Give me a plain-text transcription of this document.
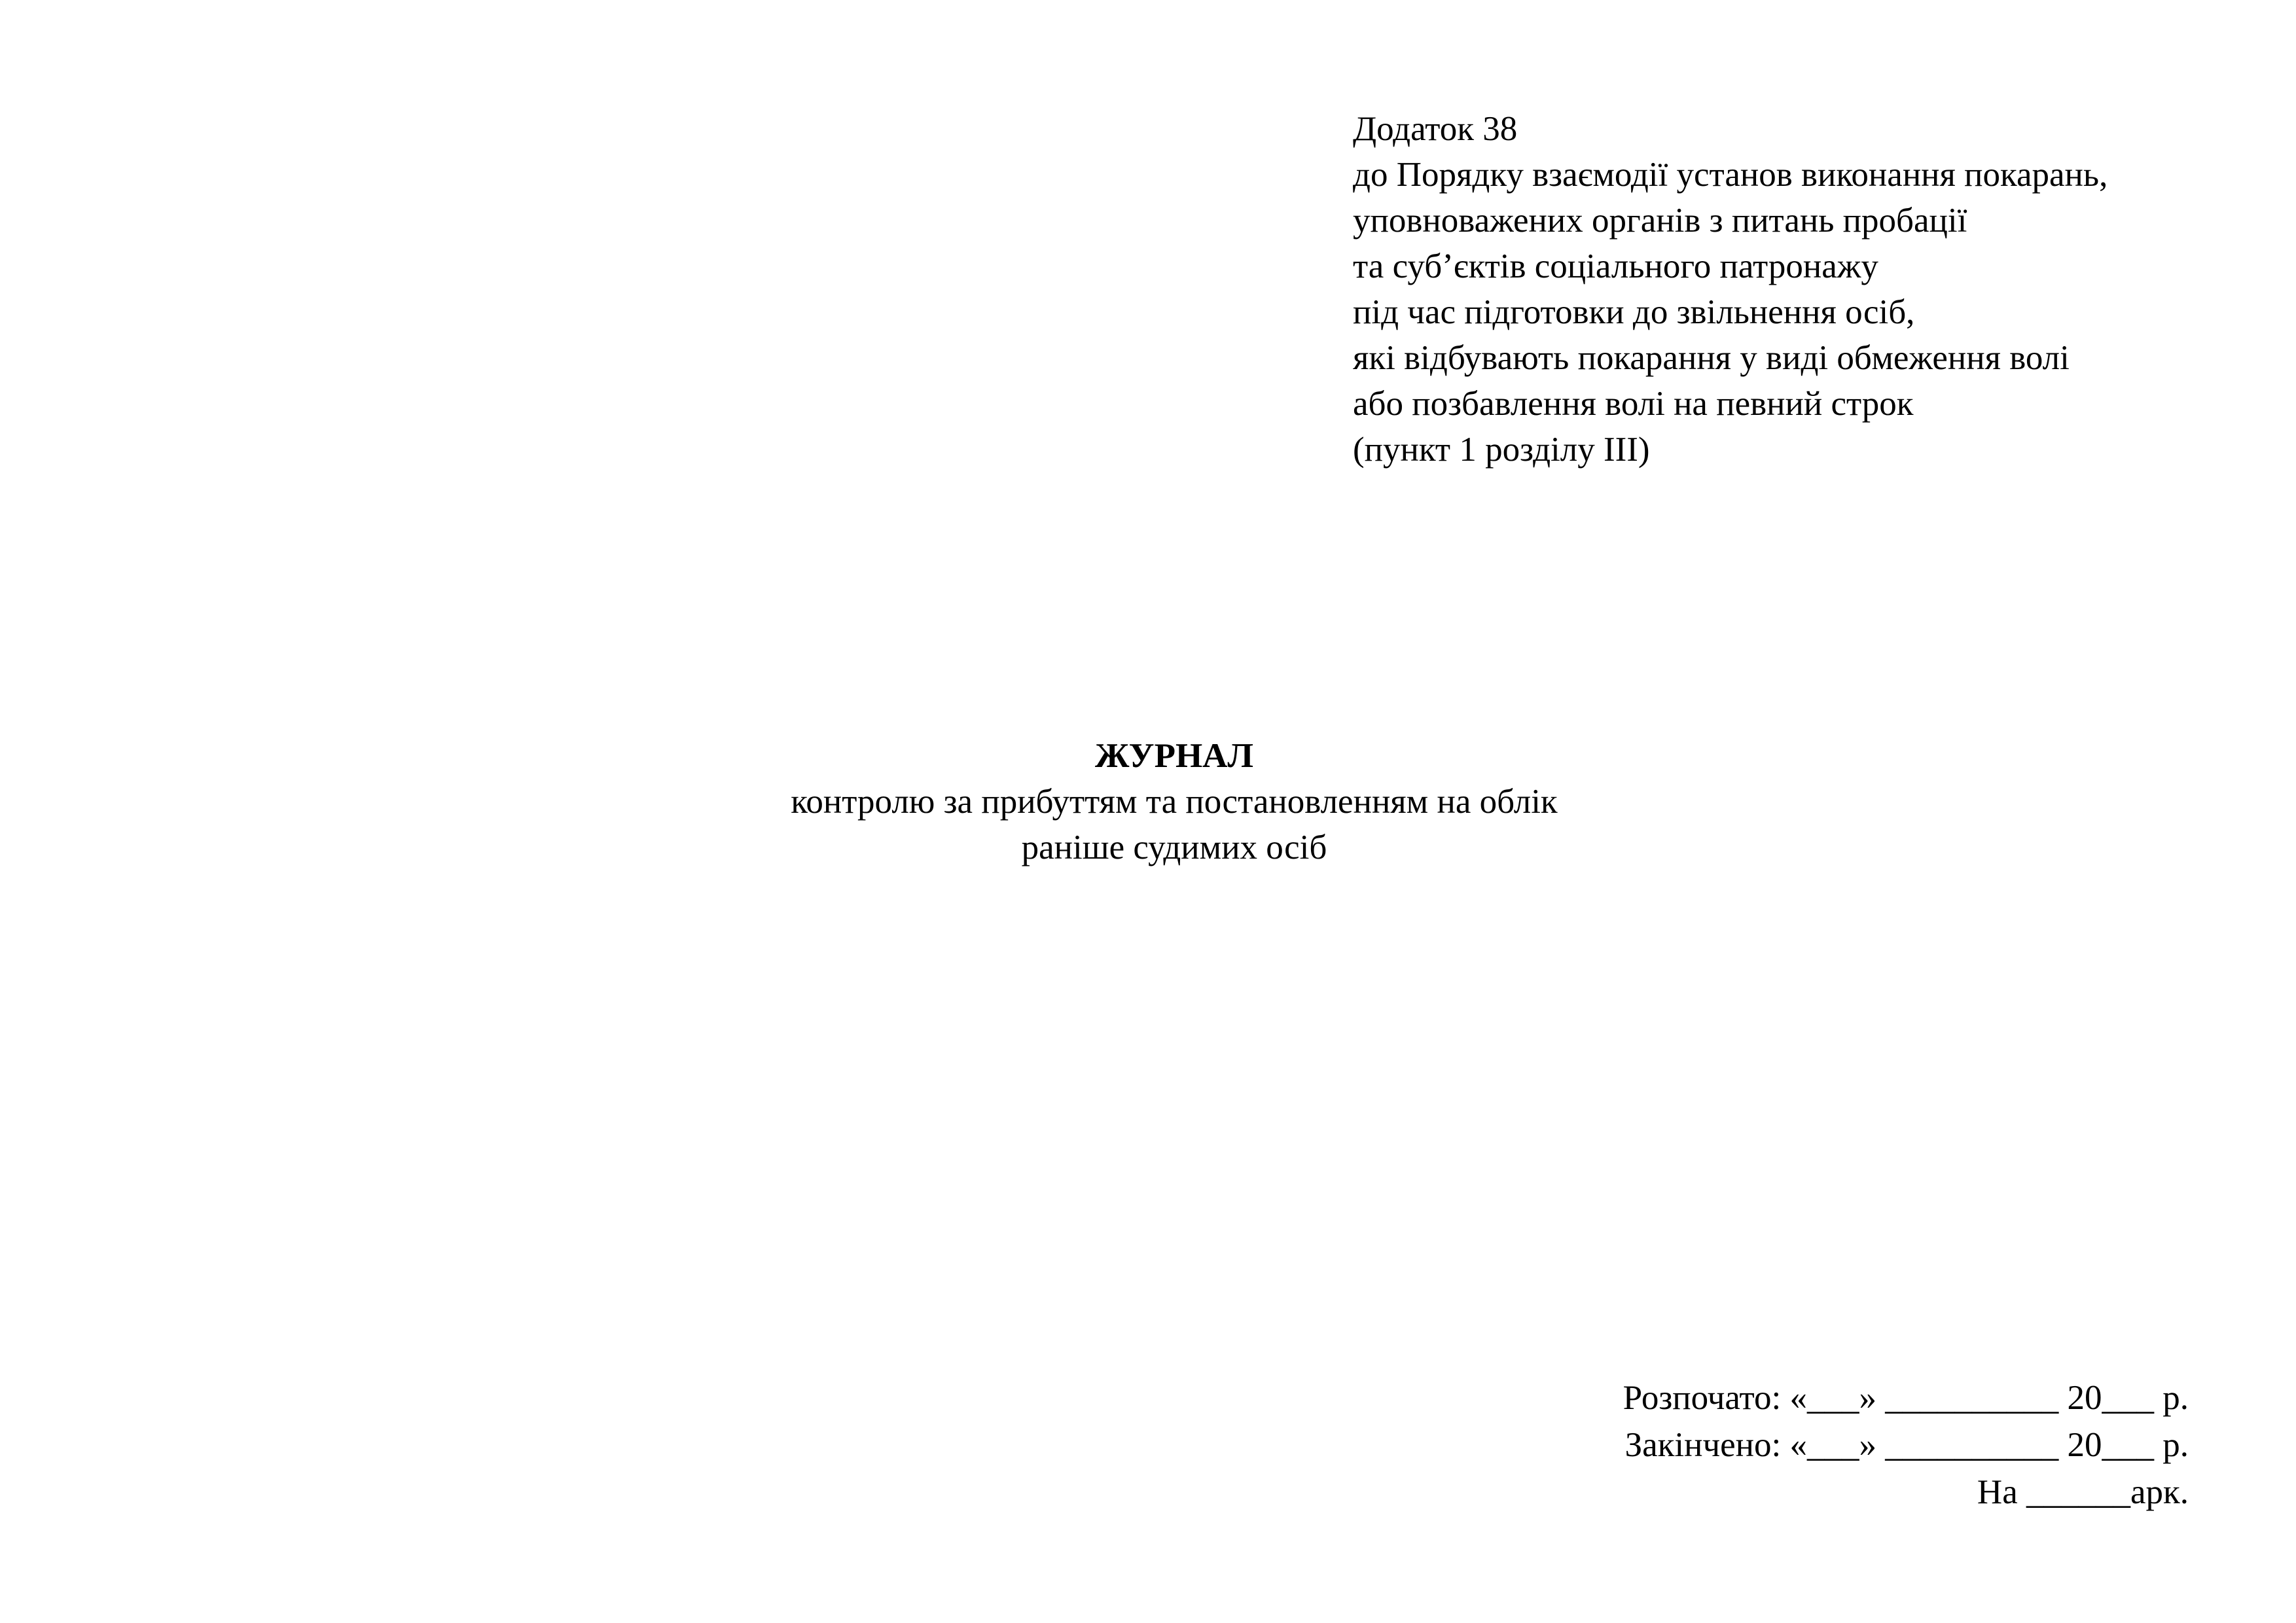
Додаток 38
до Порядку взаємодії установ виконання покарань,
уповноважених органів з питань пробації
та суб’єктів соціального патронажу
під час підготовки до звільнення осіб,
які відбувають покарання у виді обмеження волі
або позбавлення волі на певний строк
(пункт 1 розділу ІІІ)
ЖУРНАЛ
контролю за прибуттям та постановленням на облік
раніше судимих осіб
Розпочато: «___» __________ 20___ р.
Закінчено: «___» __________ 20___ р.
На ______арк.
